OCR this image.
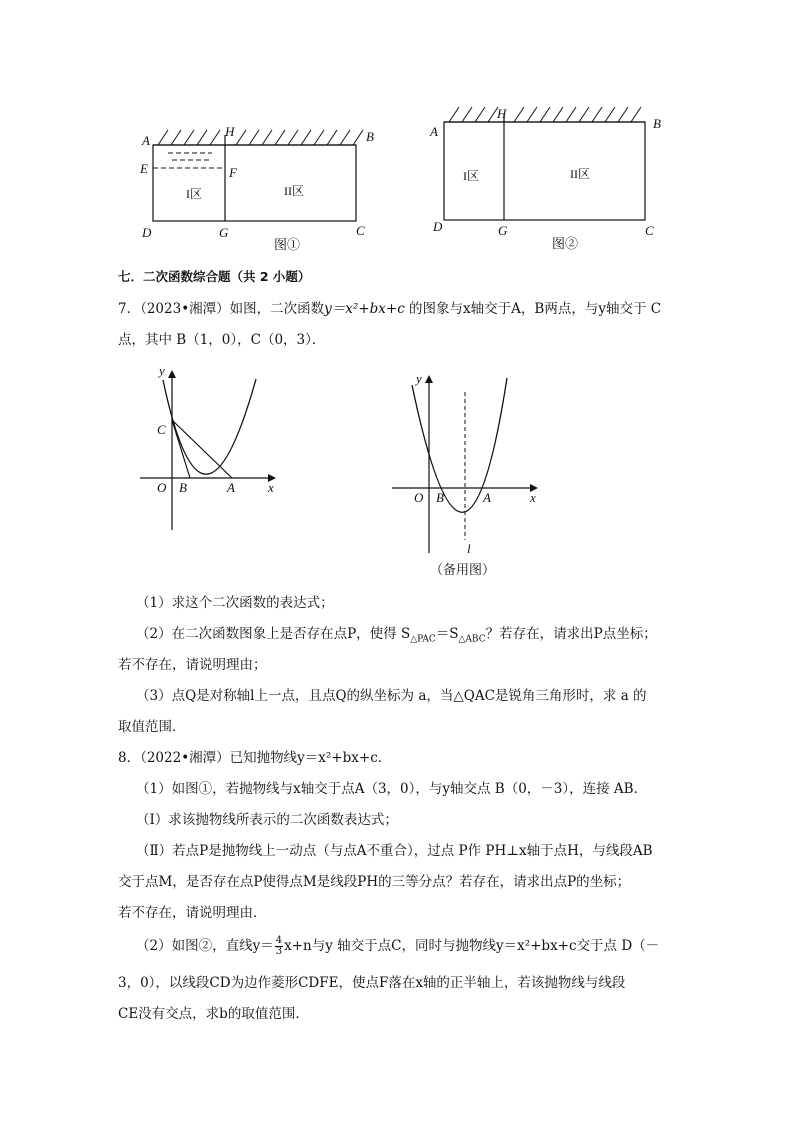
A
H	B
E	F
D	G	C
I区	II区
图①
A
H
B
D	G	C
I区	II区
图②
七．二次函数综合题（共 2 小题）
7．（2023•湘潭）如图，二次函数y＝x²+bx+c 的图象与x轴交于A，B两点，与y轴交于 C
点，其中 B（1，0），C（0，3）．
y
x
O B	A
C
y
x
O B	A
l
（备用图）
（1）求这个二次函数的表达式；
（2）在二次函数图象上是否存在点P，使得 $S_{\triangle PAC}=S_{\triangle ABC}$？若存在，请求出P点坐标；
若不存在，请说明理由；
（3）点Q是对称轴l上一点，且点Q的纵坐标为 a，当△QAC是锐角三角形时，求 a 的
取值范围．
8．（2022•湘潭）已知抛物线y＝x²+bx+c．
（1）如图①，若抛物线与x轴交于点A（3，0），与y轴交点 B（0，－3），连接 AB．
（Ⅰ）求该抛物线所表示的二次函数表达式；
（Ⅱ）若点P是抛物线上一动点（与点A不重合），过点 P作 PH⊥x轴于点H，与线段AB
交于点M，是否存在点P使得点M是线段PH的三等分点？若存在，请求出点P的坐标；
若不存在，请说明理由．
（2）如图②，直线$y= \frac{4}{3} x+n$与y 轴交于点C，同时与抛物线y＝x²+bx+c交于点 D（－
3，0），以线段CD为边作菱形CDFE，使点F落在x轴的正半轴上，若该抛物线与线段
CE没有交点，求b的取值范围．
